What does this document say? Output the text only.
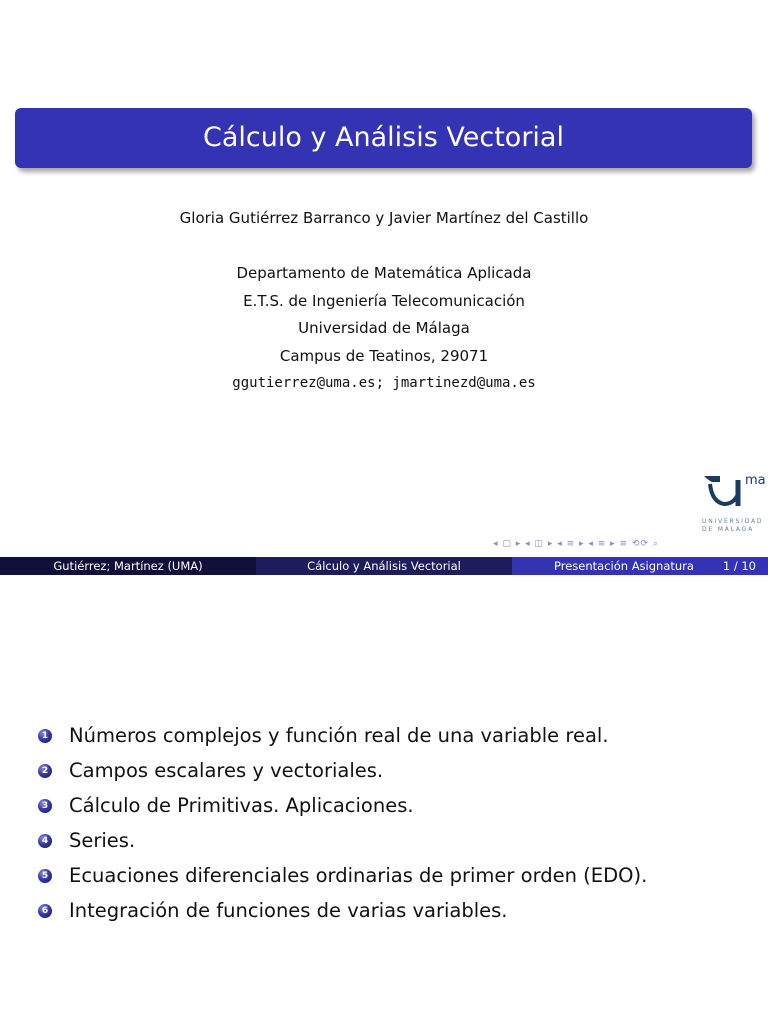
Cálculo y Análisis Vectorial
Gloria Gutiérrez Barranco y Javier Martínez del Castillo
Departamento de Matemática Aplicada
E.T.S. de Ingeniería Telecomunicación
Universidad de Málaga
Campus de Teatinos, 29071
ggutierrez@uma.es; jmartinezd@uma.es
ma
UNIVERSIDAD
DE MÁLAGA
◂ ▢ ▸ ◂ ◫ ▸ ◂ ≡ ▸ ◂ ≡ ▸ ≡ ⟲⟳ ⌕
Gutiérrez; Martínez (UMA)	Cálculo y Análisis Vectorial	Presentación Asignatura	1 / 10
1 Números complejos y función real de una variable real.
2 Campos escalares y vectoriales.
3 Cálculo de Primitivas. Aplicaciones.
4 Series.
5 Ecuaciones diferenciales ordinarias de primer orden (EDO).
6 Integración de funciones de varias variables.
